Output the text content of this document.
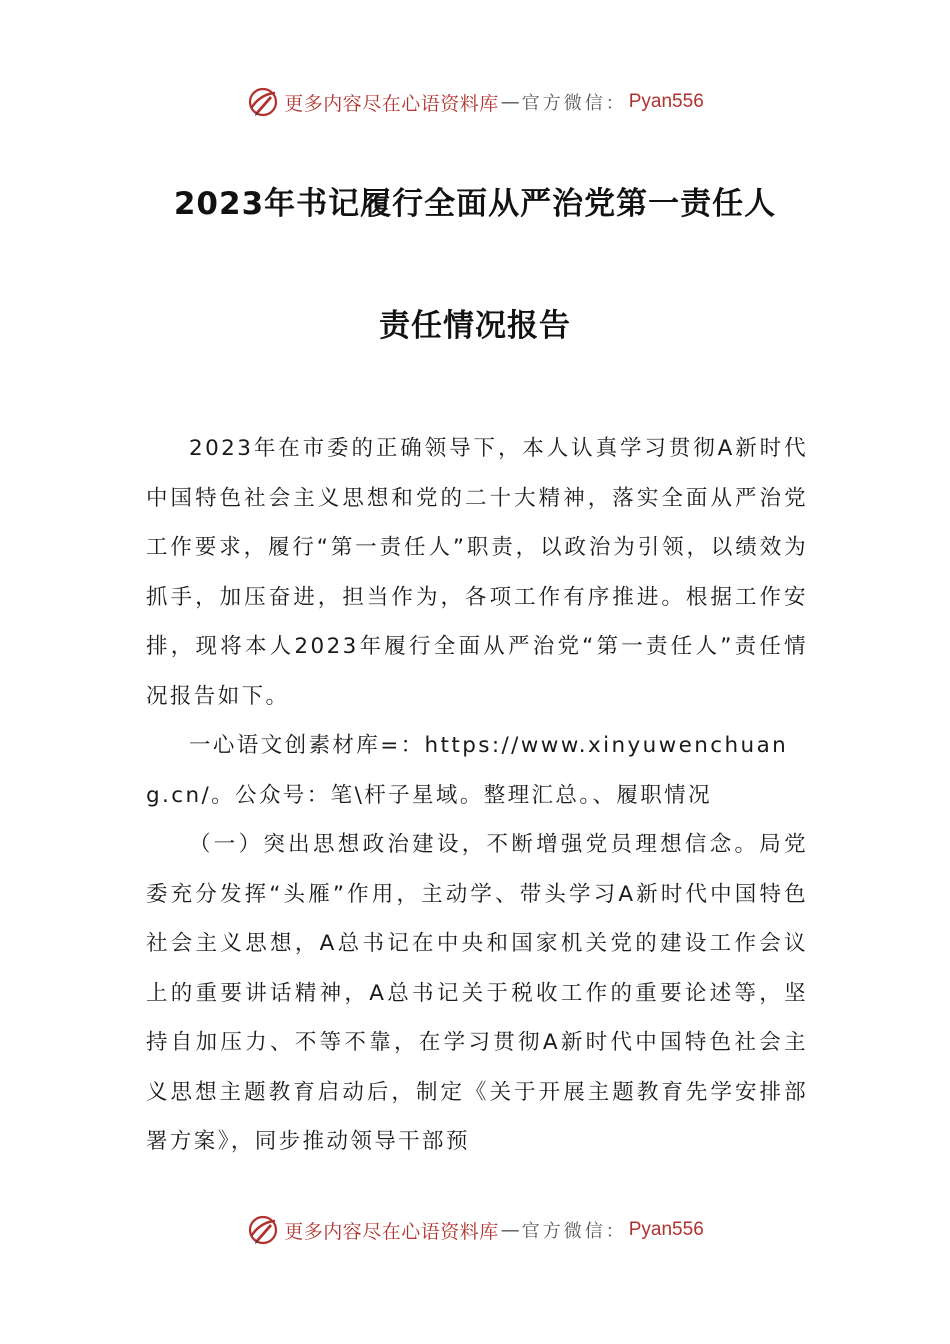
更多内容尽在心语资料库 — 官方微信： Pyan556
2023年书记履行全面从严治党第一责任人
责任情况报告

2023年在市委的正确领导下，本人认真学习贯彻A新时代中国特色社会主义思想和党的二十大精神，落实全面从严治党工作要求，履行“第一责任人”职责，以政治为引领，以绩效为抓手，加压奋进，担当作为，各项工作有序推进。根据工作安排，现将本人2023年履行全面从严治党“第一责任人”责任情况报告如下。

一心语文创素材库=：https://www.xinyuwenchuang.cn/。公众号：笔\杆子星域。整理汇总。、履职情况

（一）突出思想政治建设，不断增强党员理想信念。局党委充分发挥“头雁”作用，主动学、带头学习A新时代中国特色社会主义思想，A总书记在中央和国家机关党的建设工作会议上的重要讲话精神，A总书记关于税收工作的重要论述等，坚持自加压力、不等不靠，在学习贯彻A新时代中国特色社会主义思想主题教育启动后，制定《关于开展主题教育先学安排部署方案》，同步推动领导干部预

更多内容尽在心语资料库 — 官方微信： Pyan556
